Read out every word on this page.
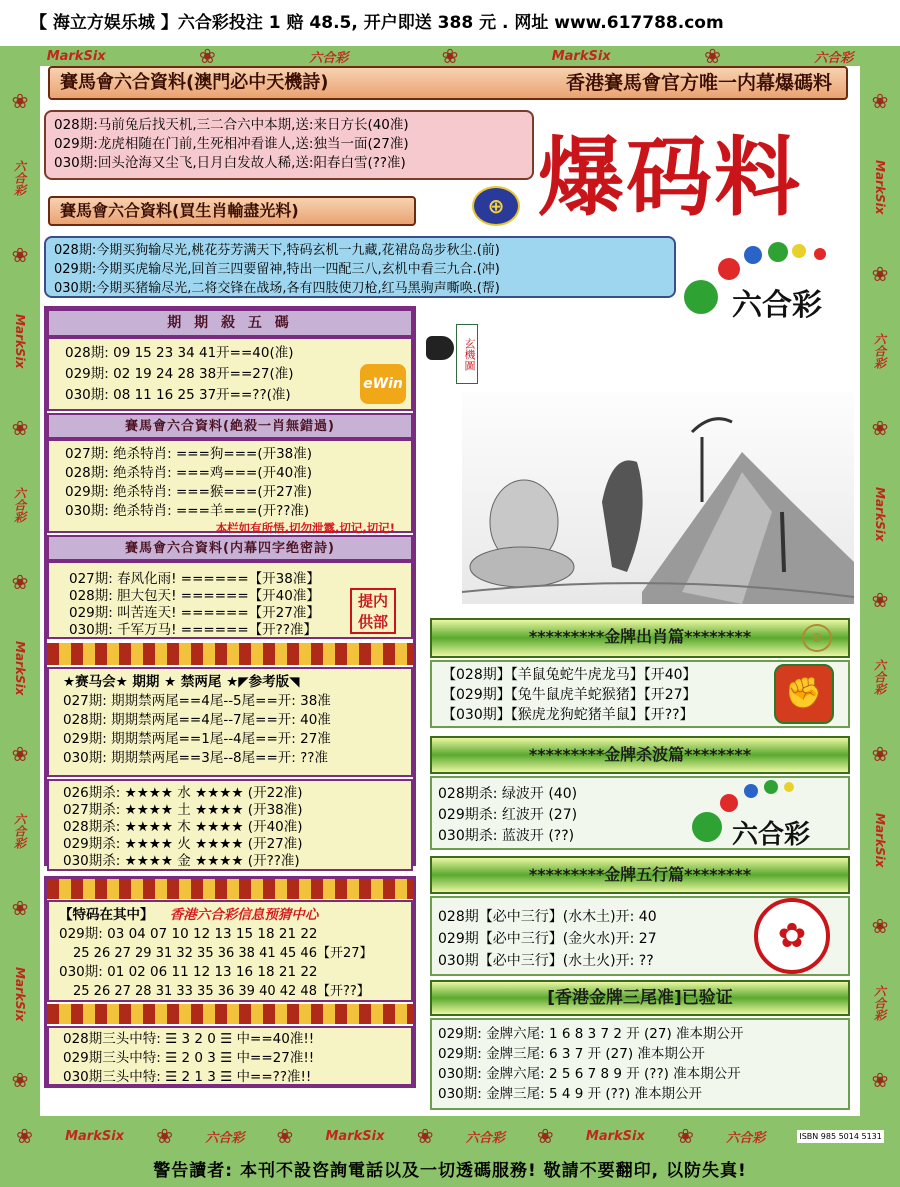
【 海立方娱乐城 】六合彩投注 1 赔 48.5, 开户即送 388 元 . 网址 www.617788.com
MarkSix	❀	六合彩	❀	MarkSix	❀	六合彩
❀
六合彩
❀
MarkSix
❀
六合彩
❀
MarkSix
❀
六合彩
❀
MarkSix
❀
❀
MarkSix
❀
六合彩
❀
MarkSix
❀
六合彩
❀
MarkSix
❀
六合彩
❀
❀ MarkSix ❀ 六合彩 ❀ MarkSix ❀ 六合彩 ❀ MarkSix ❀ 六合彩	ISBN 985 5014 5131
賽馬會六合資料(澳門必中天機詩)	香港賽馬會官方唯一内幕爆碼料
028期:马前兔后找天机,三二合六中本期,送:来日方长(40准)
029期:龙虎相随在门前,生死相冲看谁人,送:独当一面(27准)
030期:回头沧海又尘飞,日月白发故人稀,送:阳春白雪(??准)	爆码料
賽馬會六合資料(買生肖輸盡光料)	⊕
028期:今期买狗输尽光,桃花芬芳满天下,特码玄机一九藏,花裙岛岛步秋尘.(前)
029期:今期买虎输尽光,回首三四要留神,特出一四配三八,玄机中看三九合.(冲)
030期:今期买猪输尽光,二将交锋在战场,各有四肢使刀枪,红马黑驹声嘶唤.(帮)	六合彩
期 期 殺 五 碼
028期: 09 15 23 34 41开==40(准)
029期: 02 19 24 28 38开==27(准)
030期: 08 11 16 25 37开==??(准)
eWin
賽馬會六合資料(絶殺一肖無錯過)
027期: 绝杀特肖: ===狗===(开38准)
028期: 绝杀特肖: ===鸡===(开40准)
029期: 绝杀特肖: ===猴===(开27准)
030期: 绝杀特肖: ===羊===(开??准)
本栏如有所悟,切勿泄露,切记,切记!
賽馬會六合資料(内幕四字绝密詩)
027期: 春风化雨! ======【开38准】
028期: 胆大包天! ======【开40准】
029期: 叫苦连天! ======【开27准】
030期: 千军万马! ======【开??准】
提内供部
★赛马会★ 期期 ★ 禁两尾 ★◤参考版◥
027期: 期期禁两尾==4尾--5尾==开: 38准
028期: 期期禁两尾==4尾--7尾==开: 40准
029期: 期期禁两尾==1尾--4尾==开: 27准
030期: 期期禁两尾==3尾--8尾==开: ??准
026期杀: ★★★★ 水 ★★★★ (开22准)
027期杀: ★★★★ 土 ★★★★ (开38准)
028期杀: ★★★★ 木 ★★★★ (开40准)
029期杀: ★★★★ 火 ★★★★ (开27准)
030期杀: ★★★★ 金 ★★★★ (开??准)
【特码在其中】 香港六合彩信息预猜中心
029期: 03 04 07 10 12 13 15 18 21 22
25 26 27 29 31 32 35 36 38 41 45 46【开27】
030期: 01 02 06 11 12 13 16 18 21 22
25 26 27 28 31 33 35 36 39 40 42 48【开??】
028期三头中特: ☰ 3 2 0 ☰ 中==40准!!
029期三头中特: ☰ 2 0 3 ☰ 中==27准!!
030期三头中特: ☰ 2 1 3 ☰ 中==??准!!
玄機圖
*********金牌出肖篇********	⊕
【028期】【羊鼠兔蛇牛虎龙马】【开40】
【029期】【兔牛鼠虎羊蛇猴猪】【开27】
【030期】【猴虎龙狗蛇猪羊鼠】【开??】
✊
*********金牌杀波篇********
028期杀: 绿波开 (40)
029期杀: 红波开 (27)
030期杀: 蓝波开 (??)	六合彩
*********金牌五行篇********
028期【必中三行】(水木土)开: 40
029期【必中三行】(金火水)开: 27
030期【必中三行】(水土火)开: ??
✿
[香港金牌三尾准]已验证
029期: 金牌六尾: 1 6 8 3 7 2 开 (27) 准本期公开
029期: 金牌三尾: 6 3 7 开 (27) 准本期公开
030期: 金牌六尾: 2 5 6 7 8 9 开 (??) 准本期公开
030期: 金牌三尾: 5 4 9 开 (??) 准本期公开
警告讀者: 本刊不設咨詢電話以及一切透碼服務! 敬請不要翻印, 以防失真!
